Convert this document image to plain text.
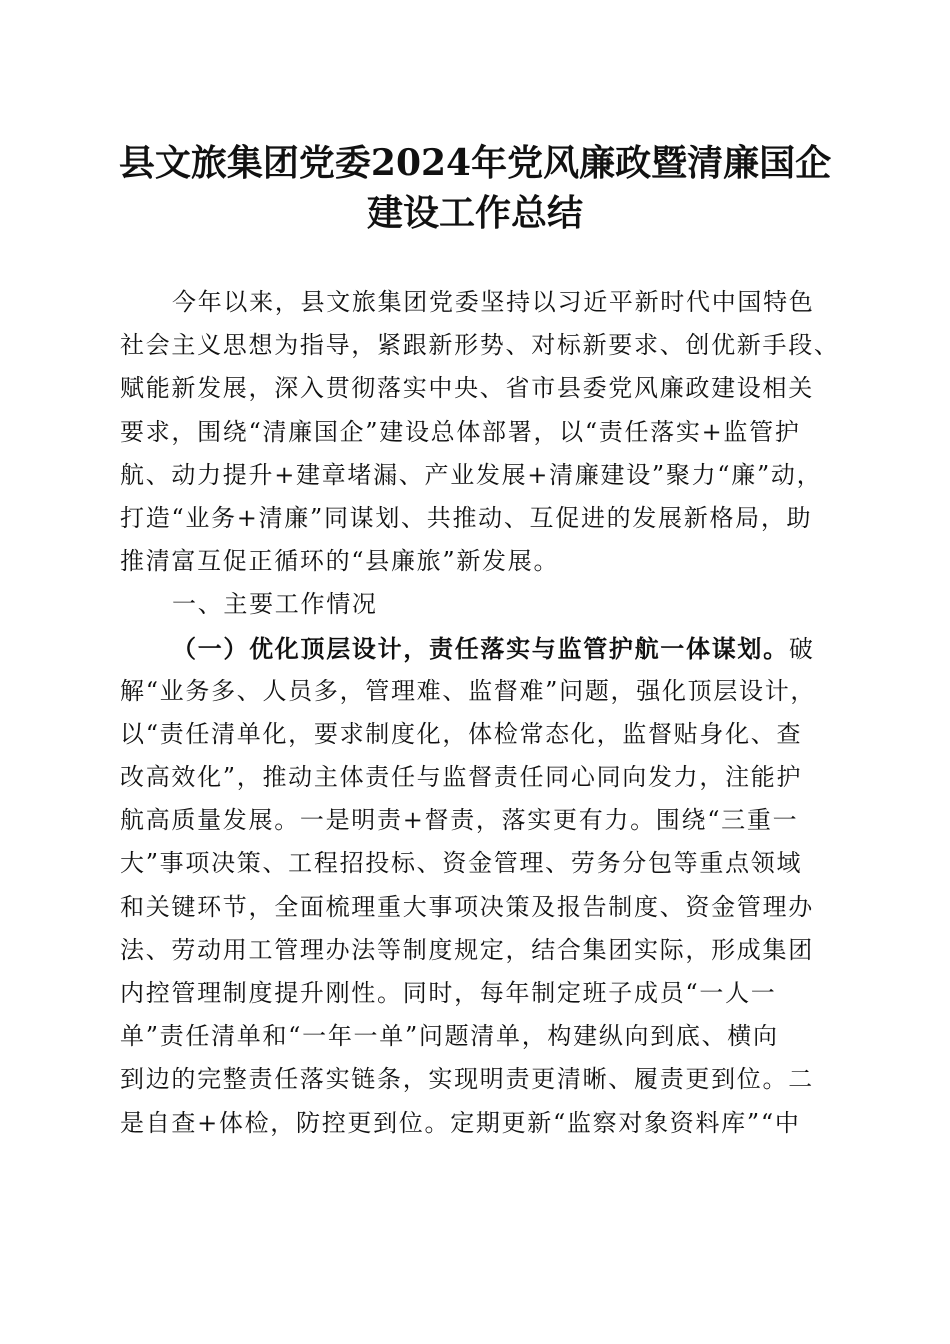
县文旅集团党委2024年党风廉政暨清廉国企
建设工作总结
今年以来，县文旅集团党委坚持以习近平新时代中国特色
社会主义思想为指导，紧跟新形势、对标新要求、创优新手段、
赋能新发展，深入贯彻落实中央、省市县委党风廉政建设相关
要求，围绕“清廉国企”建设总体部署，以“责任落实+监管护
航、动力提升+建章堵漏、产业发展+清廉建设”聚力“廉”动，
打造“业务+清廉”同谋划、共推动、互促进的发展新格局，助
推清富互促正循环的“县廉旅”新发展。
一、主要工作情况
（一）优化顶层设计，责任落实与监管护航一体谋划。破
解“业务多、人员多，管理难、监督难”问题，强化顶层设计，
以“责任清单化，要求制度化，体检常态化，监督贴身化、查
改高效化”，推动主体责任与监督责任同心同向发力，注能护
航高质量发展。一是明责+督责，落实更有力。围绕“三重一
大”事项决策、工程招投标、资金管理、劳务分包等重点领域
和关键环节，全面梳理重大事项决策及报告制度、资金管理办
法、劳动用工管理办法等制度规定，结合集团实际，形成集团
内控管理制度提升刚性。同时，每年制定班子成员“一人一
单”责任清单和“一年一单”问题清单，构建纵向到底、横向
到边的完整责任落实链条，实现明责更清晰、履责更到位。二
是自查+体检，防控更到位。定期更新“监察对象资料库”“中
